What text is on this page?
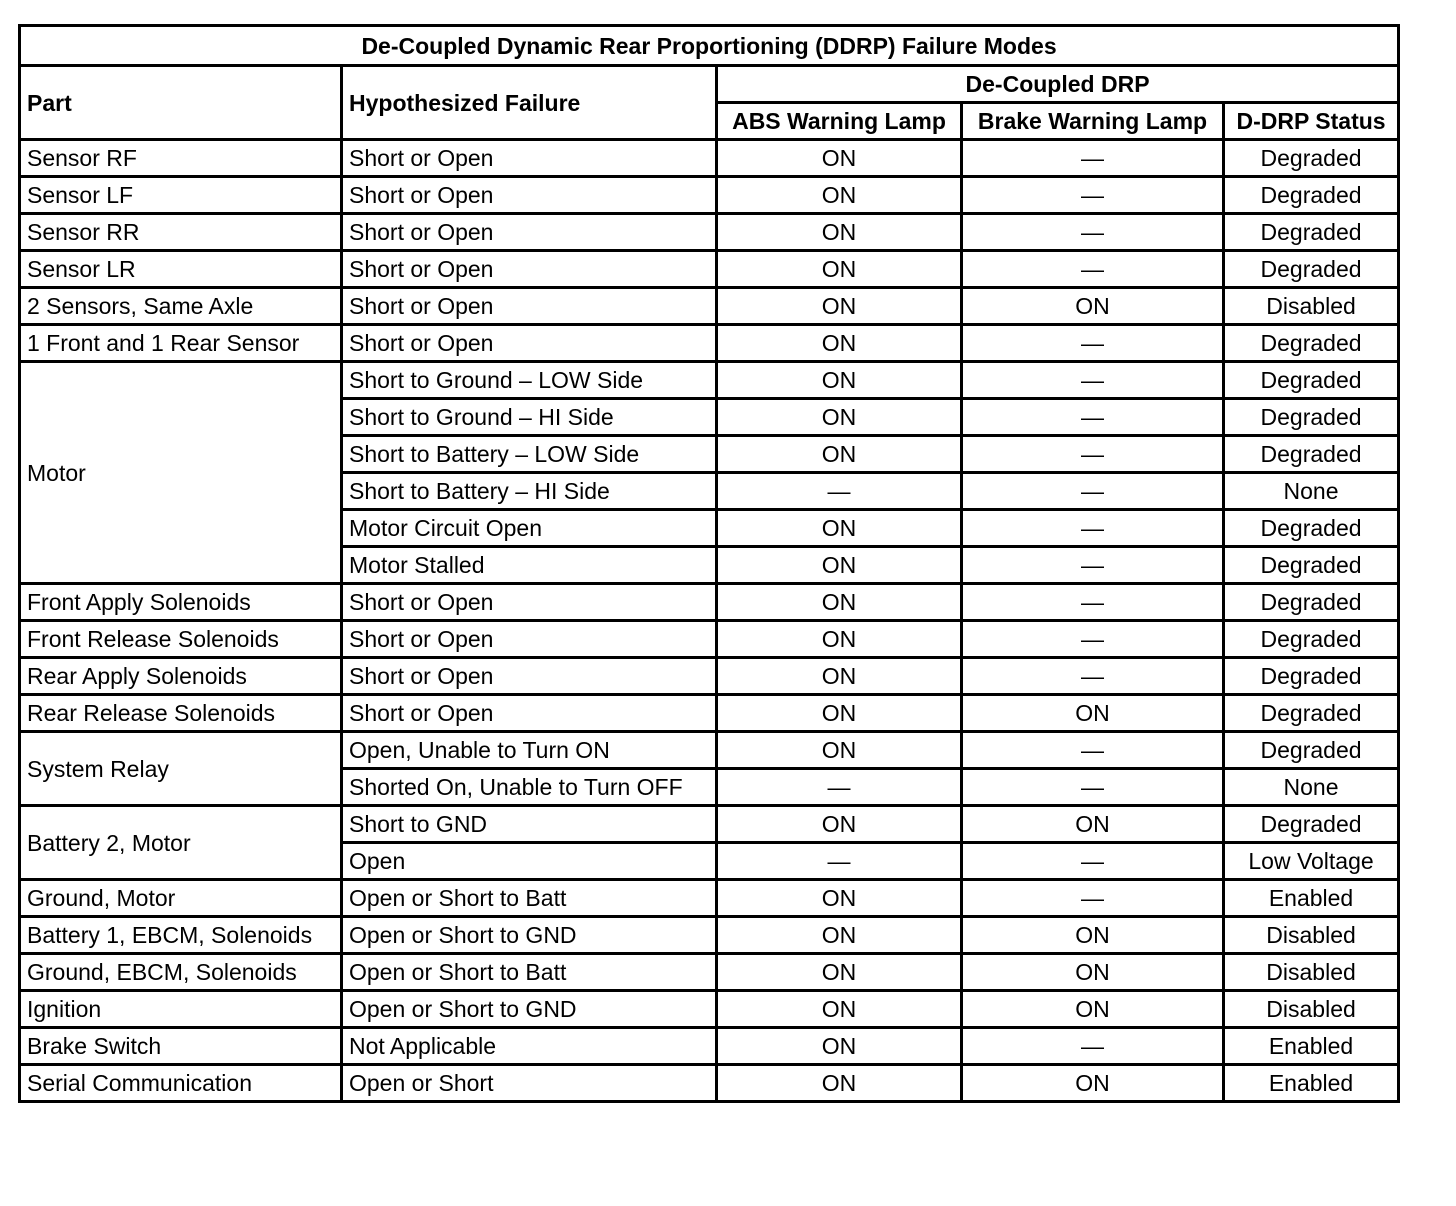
De-Coupled Dynamic Rear Proportioning (DDRP) Failure Modes				
Part	Hypothesized Failure	De-Coupled DRP		
		ABS Warning Lamp	Brake Warning Lamp	D-DRP Status
Sensor RF	Short or Open	ON	—	Degraded
Sensor LF	Short or Open	ON	—	Degraded
Sensor RR	Short or Open	ON	—	Degraded
Sensor LR	Short or Open	ON	—	Degraded
2 Sensors, Same Axle	Short or Open	ON	ON	Disabled
1 Front and 1 Rear Sensor	Short or Open	ON	—	Degraded
Motor	Short to Ground – LOW Side	ON	—	Degraded
	Short to Ground – HI Side	ON	—	Degraded
	Short to Battery – LOW Side	ON	—	Degraded
	Short to Battery – HI Side	—	—	None
	Motor Circuit Open	ON	—	Degraded
	Motor Stalled	ON	—	Degraded
Front Apply Solenoids	Short or Open	ON	—	Degraded
Front Release Solenoids	Short or Open	ON	—	Degraded
Rear Apply Solenoids	Short or Open	ON	—	Degraded
Rear Release Solenoids	Short or Open	ON	ON	Degraded
System Relay	Open, Unable to Turn ON	ON	—	Degraded
	Shorted On, Unable to Turn OFF	—	—	None
Battery 2, Motor	Short to GND	ON	ON	Degraded
	Open	—	—	Low Voltage
Ground, Motor	Open or Short to Batt	ON	—	Enabled
Battery 1, EBCM, Solenoids	Open or Short to GND	ON	ON	Disabled
Ground, EBCM, Solenoids	Open or Short to Batt	ON	ON	Disabled
Ignition	Open or Short to GND	ON	ON	Disabled
Brake Switch	Not Applicable	ON	—	Enabled
Serial Communication	Open or Short	ON	ON	Enabled
